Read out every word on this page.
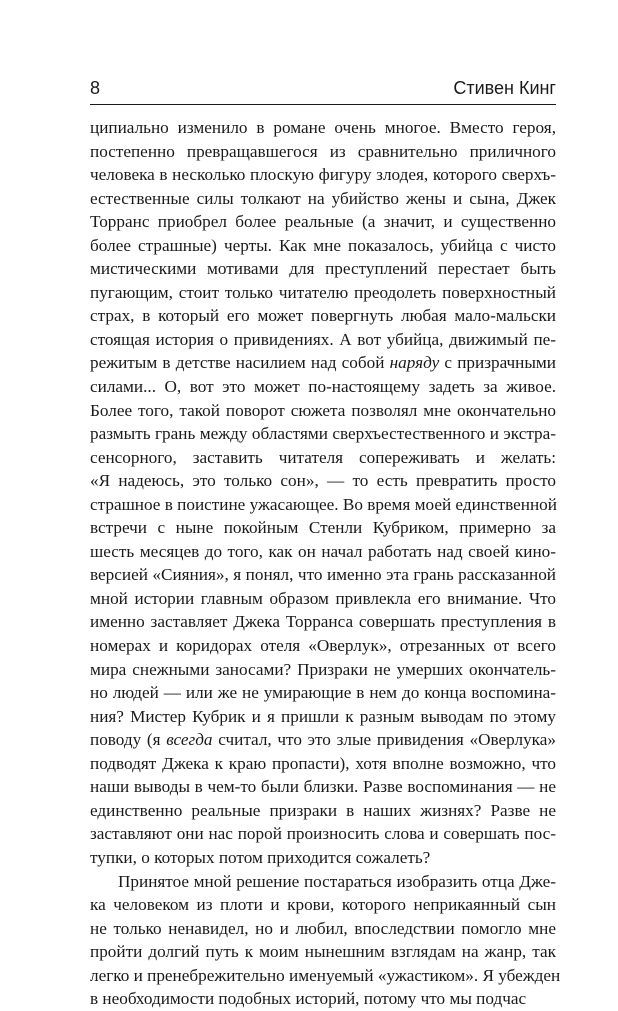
8	Стивен Кинг
ципиально изменило в романе очень многое. Вместо героя,
постепенно превращавшегося из сравнительно приличного
человека в несколько плоскую фигуру злодея, которого сверхъ-
естественные силы толкают на убийство жены и сына, Джек
Торранс приобрел более реальные (а значит, и существенно
более страшные) черты. Как мне показалось, убийца с чисто
мистическими мотивами для преступлений перестает быть
пугающим, стоит только читателю преодолеть поверхностный
страх, в который его может повергнуть любая мало-мальски
стоящая история о привидениях. А вот убийца, движимый пе-
режитым в детстве насилием над собой наряду с призрачными
силами... О, вот это может по-настоящему задеть за живое.
Более того, такой поворот сюжета позволял мне окончательно
размыть грань между областями сверхъестественного и экстра-
сенсорного, заставить читателя сопереживать и желать:
«Я надеюсь, это только сон», — то есть превратить просто
страшное в поистине ужасающее. Во время моей единственной
встречи с ныне покойным Стенли Кубриком, примерно за
шесть месяцев до того, как он начал работать над своей кино-
версией «Сияния», я понял, что именно эта грань рассказанной
мной истории главным образом привлекла его внимание. Что
именно заставляет Джека Торранса совершать преступления в
номерах и коридорах отеля «Оверлук», отрезанных от всего
мира снежными заносами? Призраки не умерших окончатель-
но людей — или же не умирающие в нем до конца воспомина-
ния? Мистер Кубрик и я пришли к разным выводам по этому
поводу (я всегда считал, что это злые привидения «Оверлука»
подводят Джека к краю пропасти), хотя вполне возможно, что
наши выводы в чем-то были близки. Разве воспоминания — не
единственно реальные призраки в наших жизнях? Разве не
заставляют они нас порой произносить слова и совершать пос-
тупки, о которых потом приходится сожалеть?
Принятое мной решение постараться изобразить отца Дже-
ка человеком из плоти и крови, которого неприкаянный сын
не только ненавидел, но и любил, впоследствии помогло мне
пройти долгий путь к моим нынешним взглядам на жанр, так
легко и пренебрежительно именуемый «ужастиком». Я убежден
в необходимости подобных историй, потому что мы подчас
